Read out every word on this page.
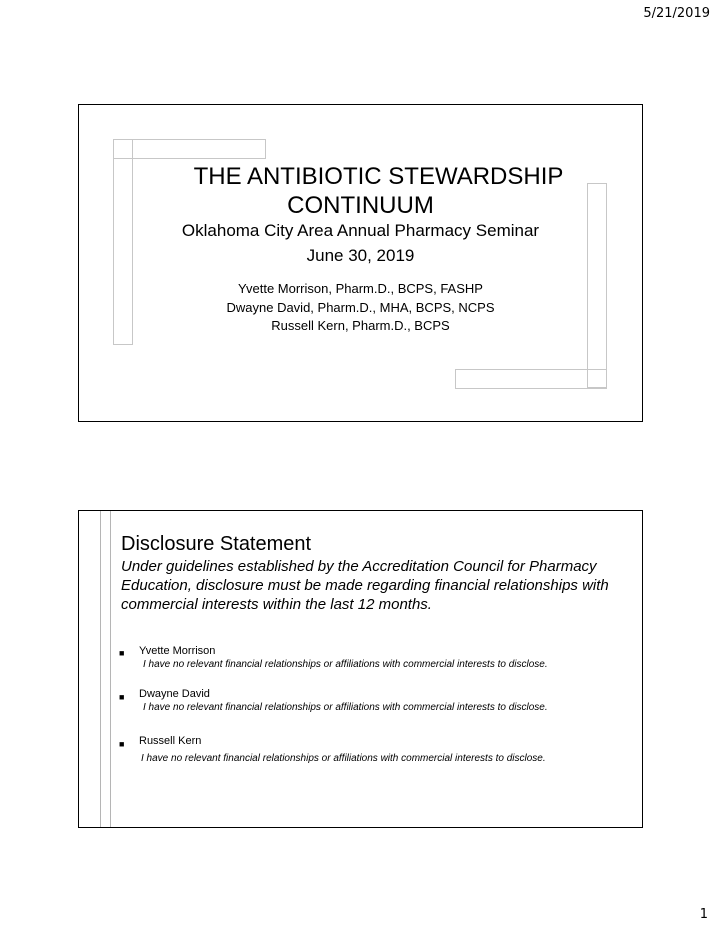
5/21/2019
THE ANTIBIOTIC STEWARDSHIP
CONTINUUM
Oklahoma City Area Annual Pharmacy Seminar
June 30, 2019
Yvette Morrison, Pharm.D., BCPS, FASHP
Dwayne David, Pharm.D., MHA, BCPS, NCPS
Russell Kern, Pharm.D., BCPS
Disclosure Statement
Under guidelines established by the Accreditation Council for Pharmacy Education, disclosure must be made regarding financial relationships with commercial interests within the last 12 months.
■ Yvette Morrison
I have no relevant financial relationships or affiliations with commercial interests to disclose.
■ Dwayne David
I have no relevant financial relationships or affiliations with commercial interests to disclose.
■ Russell Kern
I have no relevant financial relationships or affiliations with commercial interests to disclose.
1
